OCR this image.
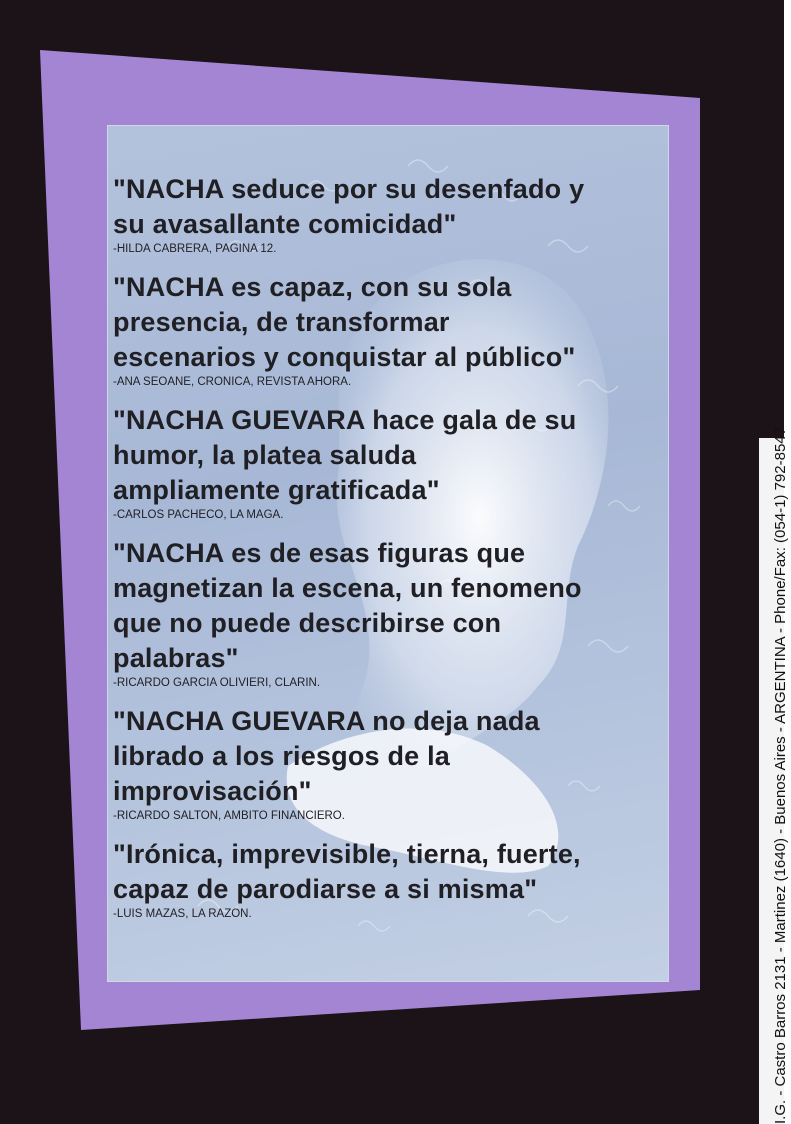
I.G. - Castro Barros 2131 - Martinez (1640) - Buenos Aires - ARGENTINA - Phone/Fax: (054-1) 792-8547
"NACHA seduce por su desenfado y
su avasallante comicidad"
-HILDA CABRERA, PAGINA 12.
"NACHA es capaz, con su sola
presencia, de transformar
escenarios y conquistar al público"
-ANA SEOANE, CRONICA, REVISTA AHORA.
"NACHA GUEVARA hace gala de su
humor, la platea saluda
ampliamente gratificada"
-CARLOS PACHECO, LA MAGA.
"NACHA es de esas figuras que
magnetizan la escena, un fenomeno
que no puede describirse con
palabras"
-RICARDO GARCIA OLIVIERI, CLARIN.
"NACHA GUEVARA no deja nada
librado a los riesgos de la
improvisación"
-RICARDO SALTON, AMBITO FINANCIERO.
"Irónica, imprevisible, tierna, fuerte,
capaz de parodiarse a si misma"
-LUIS MAZAS, LA RAZON.
